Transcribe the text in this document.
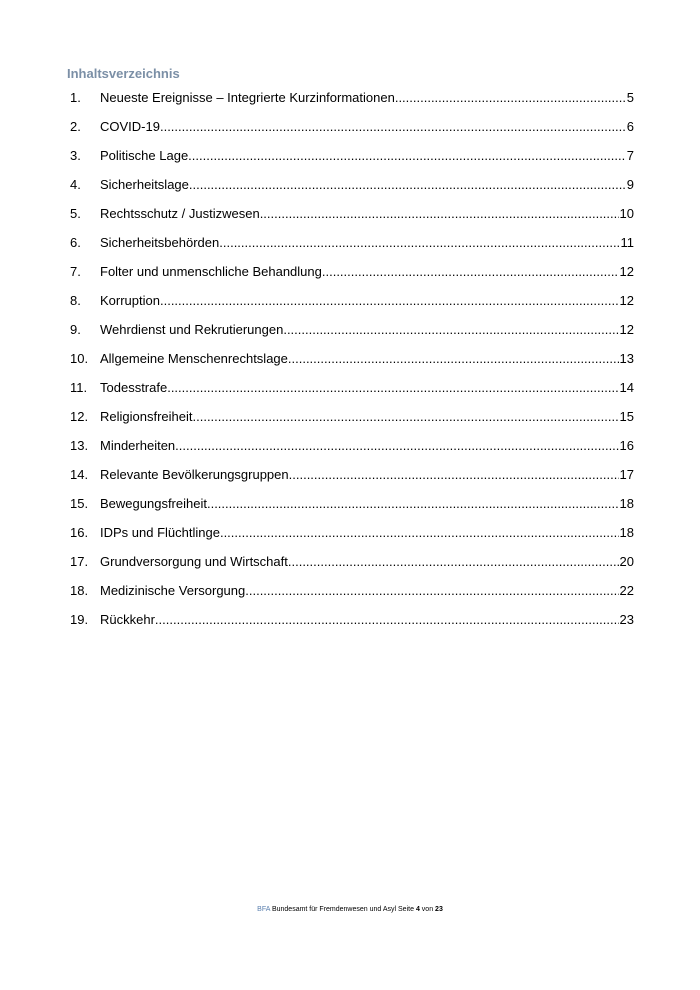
Inhaltsverzeichnis
1.	Neueste Ereignisse – Integrierte Kurzinformationen .....	5
2.	COVID-19 .....	6
3.	Politische Lage .....	7
4.	Sicherheitslage .....	9
5.	Rechtsschutz / Justizwesen .....	10
6.	Sicherheitsbehörden .....	11
7.	Folter und unmenschliche Behandlung .....	12
8.	Korruption .....	12
9.	Wehrdienst und Rekrutierungen .....	12
10. Allgemeine Menschenrechtslage .....	13
11. Todesstrafe .....	14
12. Religionsfreiheit .....	15
13. Minderheiten .....	16
14. Relevante Bevölkerungsgruppen .....	17
15. Bewegungsfreiheit .....	18
16. IDPs und Flüchtlinge .....	18
17. Grundversorgung und Wirtschaft .....	20
18. Medizinische Versorgung .....	22
19. Rückkehr .....	23
BFA Bundesamt für Fremdenwesen und Asyl Seite 4 von 23
